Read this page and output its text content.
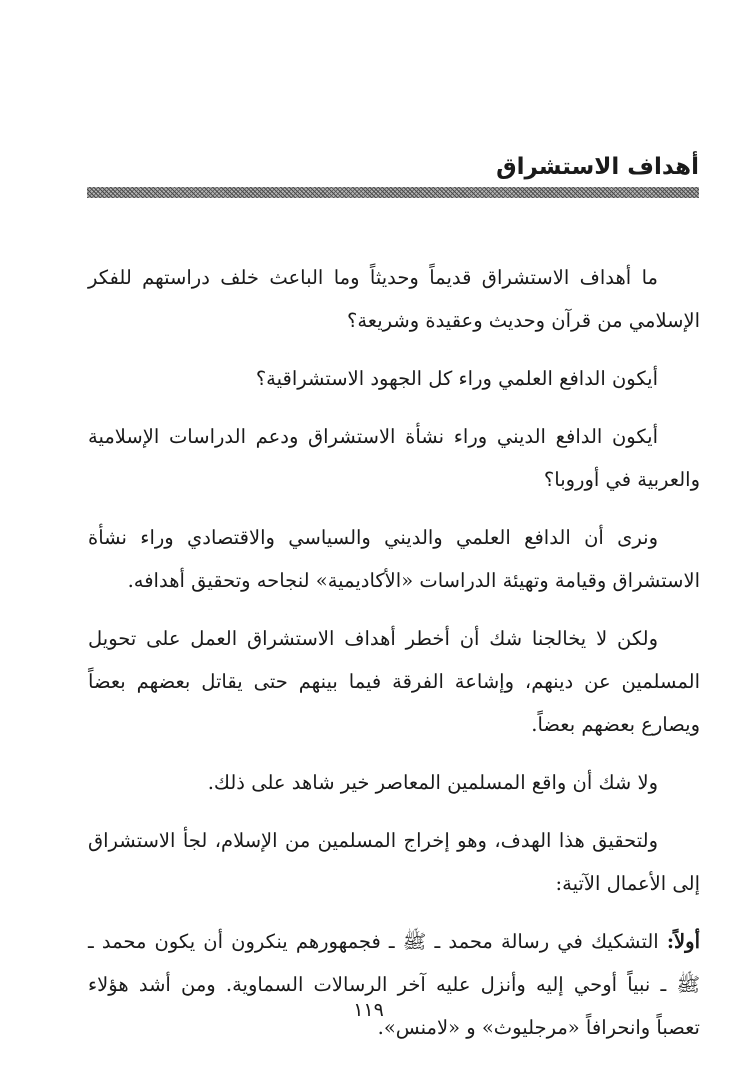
أهداف الاستشراق

ما أهداف الاستشراق قديماً وحديثاً وما الباعث خلف دراستهم للفكر الإسلامي من قرآن وحديث وعقيدة وشريعة؟

أيكون الدافع العلمي وراء كل الجهود الاستشراقية؟

أيكون الدافع الديني وراء نشأة الاستشراق ودعم الدراسات الإسلامية والعربية في أوروبا؟

ونرى أن الدافع العلمي والديني والسياسي والاقتصادي وراء نشأة الاستشراق وقيامة وتهيئة الدراسات «الأكاديمية» لنجاحه وتحقيق أهدافه.

ولكن لا يخالجنا شك أن أخطر أهداف الاستشراق العمل على تحويل المسلمين عن دينهم، وإشاعة الفرقة فيما بينهم حتى يقاتل بعضهم بعضاً ويصارع بعضهم بعضاً.

ولا شك أن واقع المسلمين المعاصر خير شاهد على ذلك.

ولتحقيق هذا الهدف، وهو إخراج المسلمين من الإسلام، لجأ الاستشراق إلى الأعمال الآتية:

أولاً: التشكيك في رسالة محمد ـ ﷺ ـ فجمهورهم ينكرون أن يكون محمد ـ ﷺ ـ نبياً أوحي إليه وأنزل عليه آخر الرسالات السماوية. ومن أشد هؤلاء تعصباً وانحرافاً «مرجليوث» و «لامنس».

١١٩
